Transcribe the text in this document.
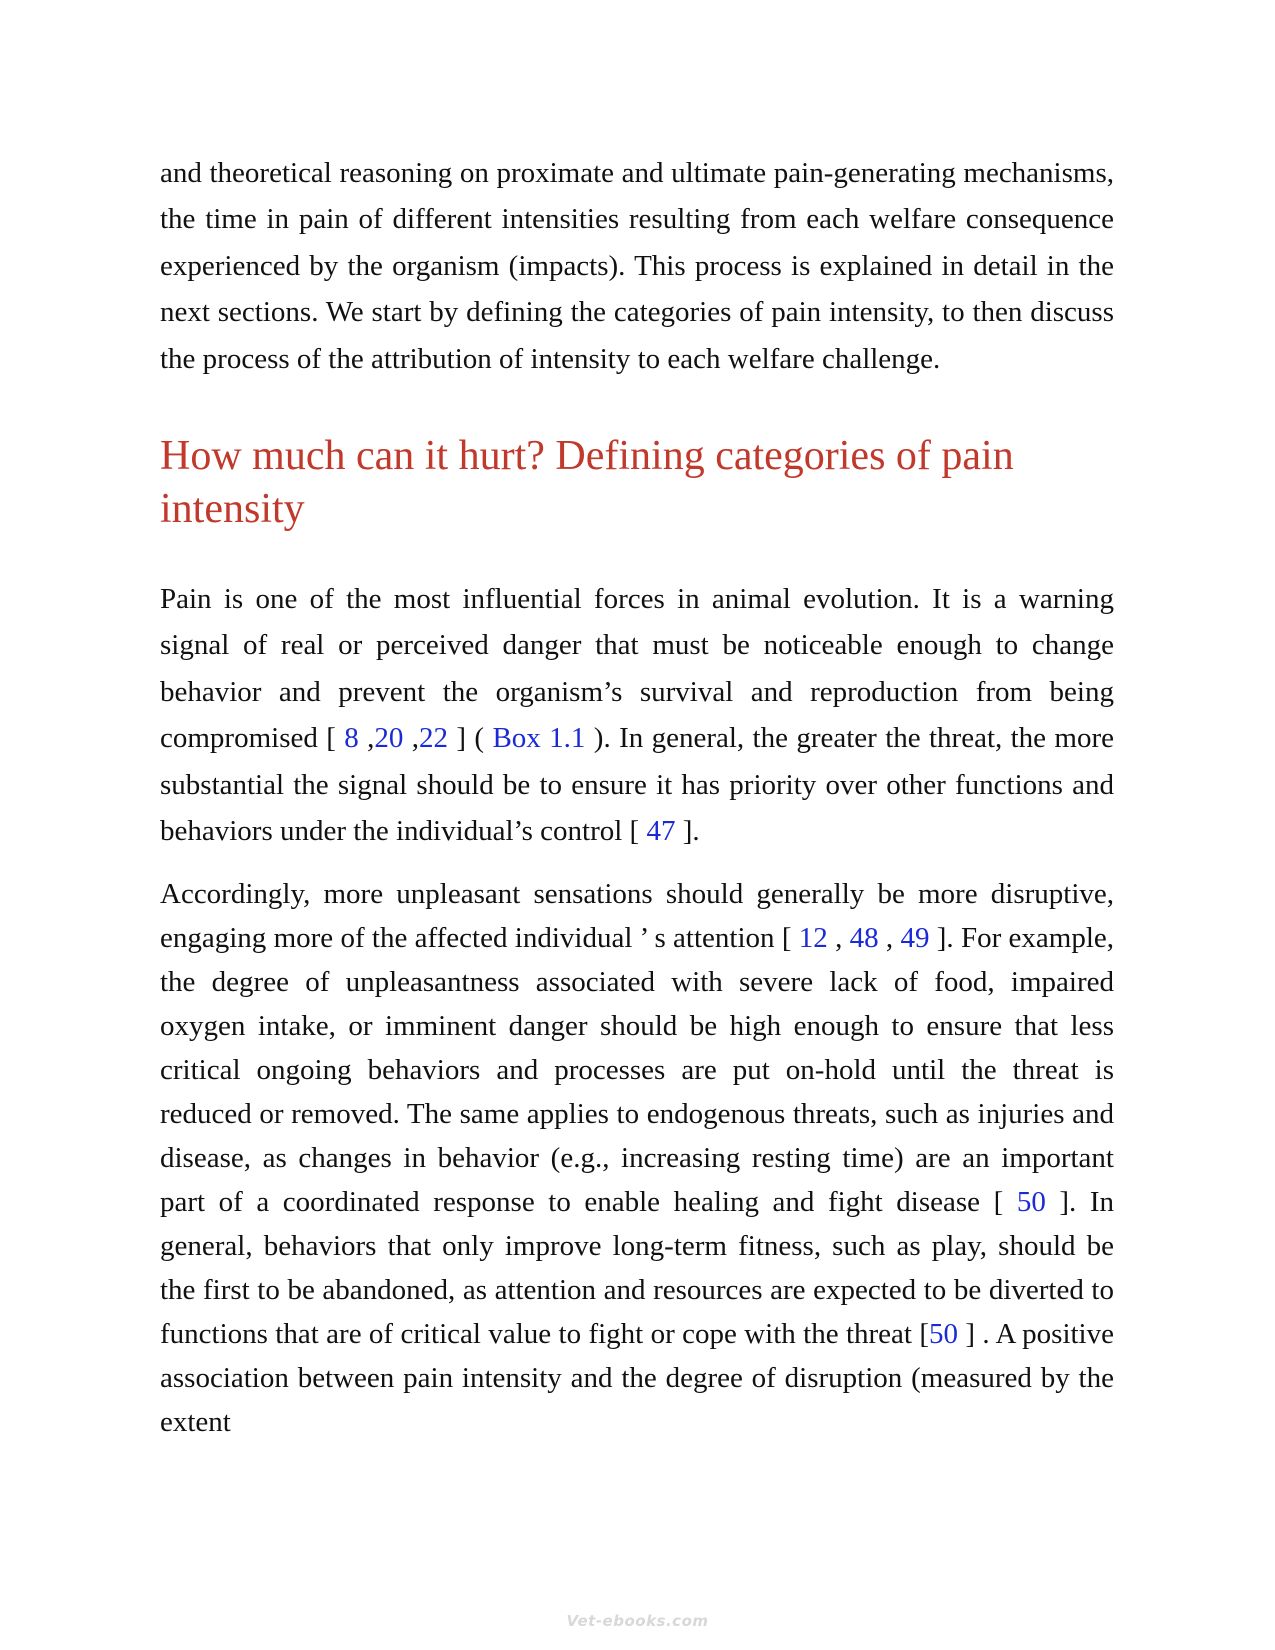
and theoretical reasoning on proximate and ultimate pain-generating mechanisms, the time in pain of different intensities resulting from each welfare consequence experienced by the organism (impacts). This process is explained in detail in the next sections. We start by defining the categories of pain intensity, to then discuss the process of the attribution of intensity to each welfare challenge.

How much can it hurt? Defining categories of pain intensity

Pain is one of the most influential forces in animal evolution. It is a warning signal of real or perceived danger that must be noticeable enough to change behavior and prevent the organism’s survival and reproduction from being compromised [ 8 ,20 ,22 ] ( Box 1.1 ). In general, the greater the threat, the more substantial the signal should be to ensure it has priority over other functions and behaviors under the individual’s control [ 47 ].

Accordingly, more unpleasant sensations should generally be more disruptive, engaging more of the affected individual ’ s attention [ 12 , 48 , 49 ]. For example, the degree of unpleasantness associated with severe lack of food, impaired oxygen intake, or imminent danger should be high enough to ensure that less critical ongoing behaviors and processes are put on-hold until the threat is reduced or removed. The same applies to endogenous threats, such as injuries and disease, as changes in behavior (e.g., increasing resting time) are an important part of a coordinated response to enable healing and fight disease [ 50 ]. In general, behaviors that only improve long-term fitness, such as play, should be the first to be abandoned, as attention and resources are expected to be diverted to functions that are of critical value to fight or cope with the threat [50 ] . A positive association between pain intensity and the degree of disruption (measured by the extent

Vet-ebooks.com
